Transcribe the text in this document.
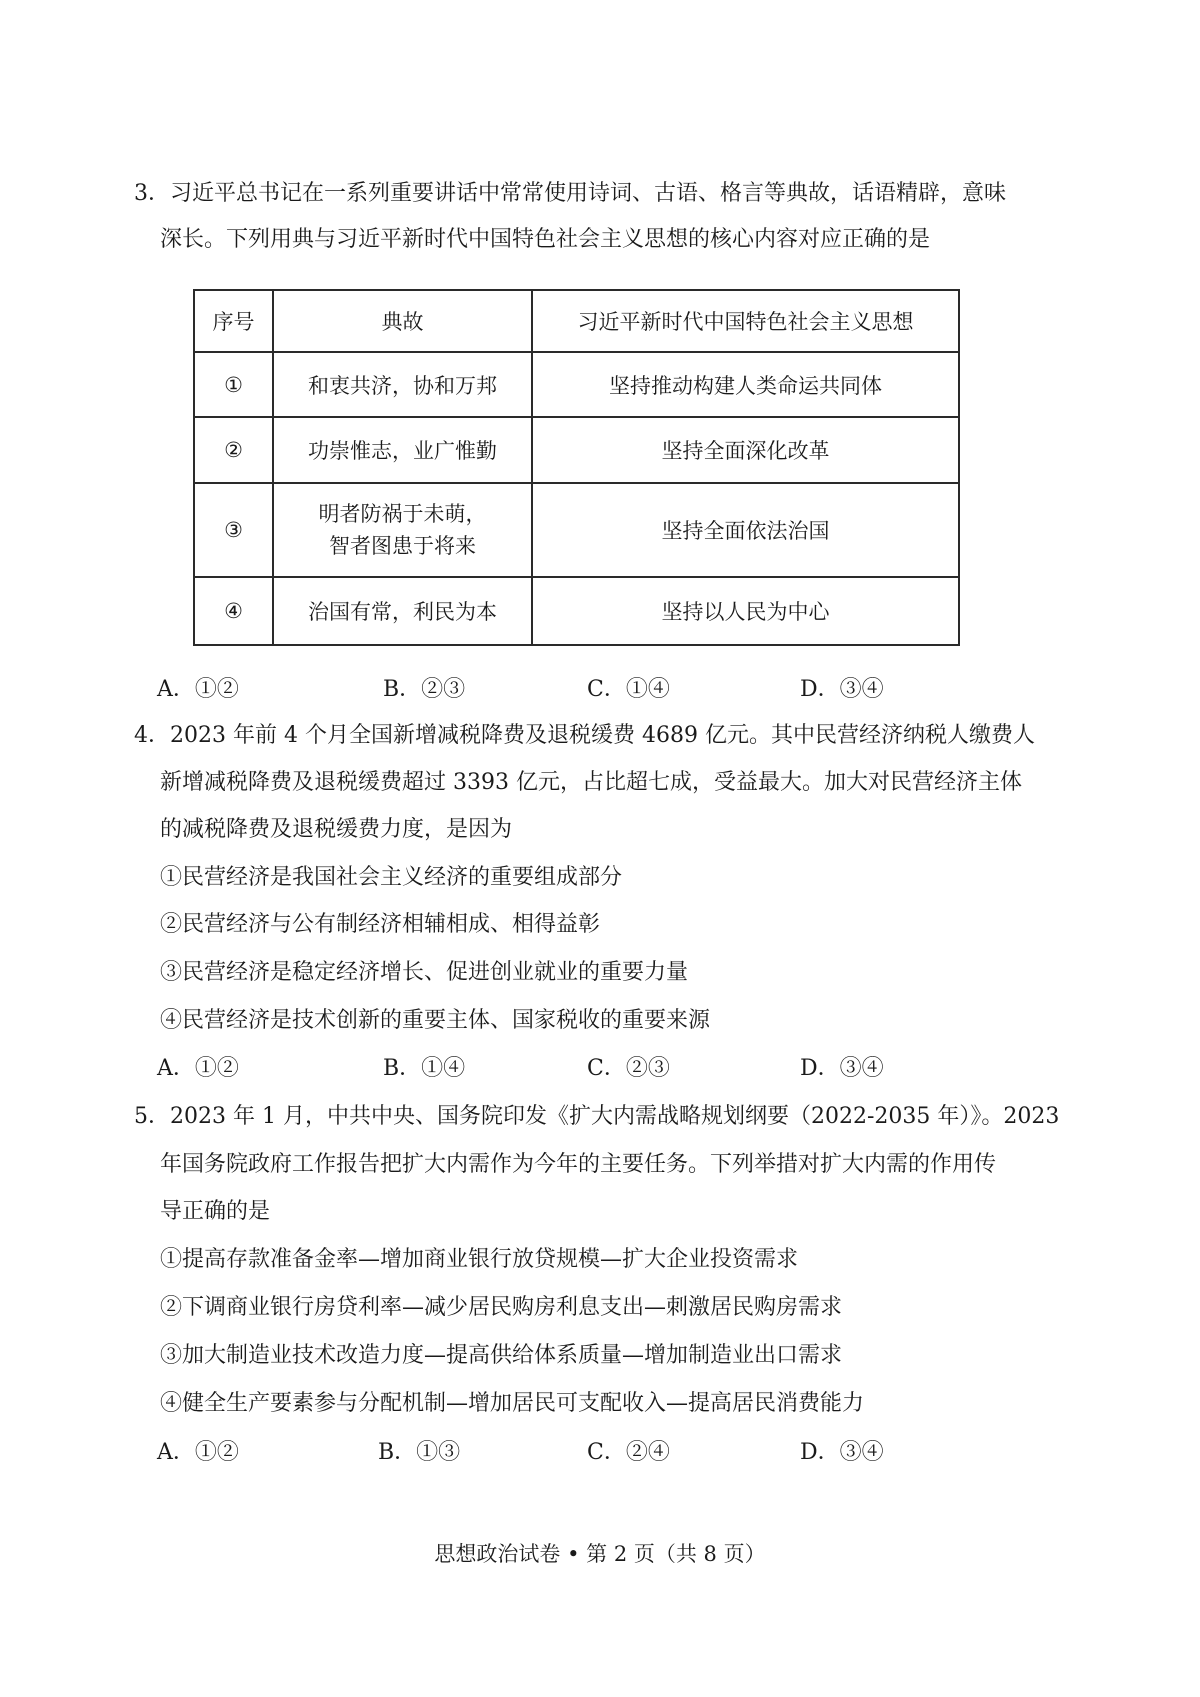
3．习近平总书记在一系列重要讲话中常常使用诗词、古语、格言等典故，话语精辟，意味
深长。下列用典与习近平新时代中国特色社会主义思想的核心内容对应正确的是
序号	典故	习近平新时代中国特色社会主义思想
①	和衷共济，协和万邦	坚持推动构建人类命运共同体
②	功崇惟志，业广惟勤	坚持全面深化改革
③	明者防祸于未萌，
智者图患于将来	坚持全面依法治国
④	治国有常，利民为本	坚持以人民为中心
A．①②	B．②③	C．①④	D．③④
4．2023 年前 4 个月全国新增减税降费及退税缓费 4689 亿元。其中民营经济纳税人缴费人
新增减税降费及退税缓费超过 3393 亿元，占比超七成，受益最大。加大对民营经济主体
的减税降费及退税缓费力度，是因为
①民营经济是我国社会主义经济的重要组成部分
②民营经济与公有制经济相辅相成、相得益彰
③民营经济是稳定经济增长、促进创业就业的重要力量
④民营经济是技术创新的重要主体、国家税收的重要来源
A．①②	B．①④	C．②③	D．③④
5．2023 年 1 月，中共中央、国务院印发《扩大内需战略规划纲要（2022-2035 年）》。2023
年国务院政府工作报告把扩大内需作为今年的主要任务。下列举措对扩大内需的作用传
导正确的是
①提高存款准备金率—增加商业银行放贷规模—扩大企业投资需求
②下调商业银行房贷利率—减少居民购房利息支出—刺激居民购房需求
③加大制造业技术改造力度—提高供给体系质量—增加制造业出口需求
④健全生产要素参与分配机制—增加居民可支配收入—提高居民消费能力
A．①②	B．①③	C．②④	D．③④
思想政治试卷 • 第 2 页（共 8 页）
